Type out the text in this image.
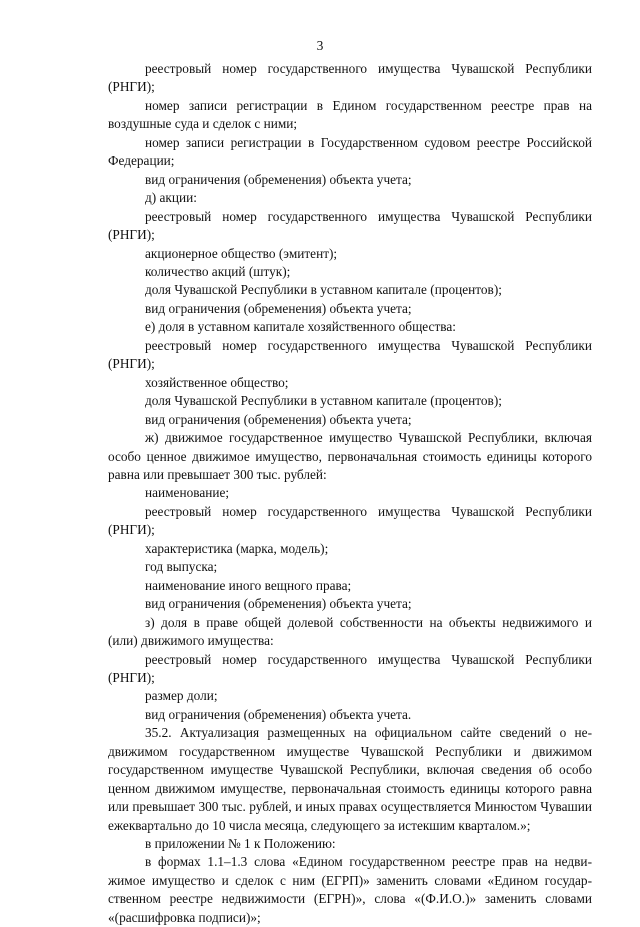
3

реестровый номер государственного имущества Чувашской Республики (РНГИ);

номер записи регистрации в Едином государственном реестре прав на воздушные суда и сделок с ними;

номер записи регистрации в Государственном судовом реестре Российской Федерации;

вид ограничения (обременения) объекта учета;

д) акции:

реестровый номер государственного имущества Чувашской Республики (РНГИ);

акционерное общество (эмитент);

количество акций (штук);

доля Чувашской Республики в уставном капитале (процентов);

вид ограничения (обременения) объекта учета;

е) доля в уставном капитале хозяйственного общества:

реестровый номер государственного имущества Чувашской Республики (РНГИ);

хозяйственное общество;

доля Чувашской Республики в уставном капитале (процентов);

вид ограничения (обременения) объекта учета;

ж) движимое государственное имущество Чувашской Республики, включая особо ценное движимое имущество, первоначальная стоимость единицы которого равна или превышает 300 тыс. рублей:

наименование;

реестровый номер государственного имущества Чувашской Республики (РНГИ);

характеристика (марка, модель);

год выпуска;

наименование иного вещного права;

вид ограничения (обременения) объекта учета;

з) доля в праве общей долевой собственности на объекты недвижимого и (или) движимого имущества:

реестровый номер государственного имущества Чувашской Республики (РНГИ);

размер доли;

вид ограничения (обременения) объекта учета.

35.2. Актуализация размещенных на официальном сайте сведений о недвижимом государственном имуществе Чувашской Республики и движимом государственном имуществе Чувашской Республики, включая сведения об особо ценном движимом имуществе, первоначальная стоимость единицы которого равна или превышает 300 тыс. рублей, и иных правах осуществляется Минюстом Чувашии ежеквартально до 10 числа месяца, следующего за истекшим кварталом.»;

в приложении № 1 к Положению:

в формах 1.1–1.3 слова «Едином государственном реестре прав на недвижимое имущество и сделок с ним (ЕГРП)» заменить словами «Едином государственном реестре недвижимости (ЕГРН)», слова «(Ф.И.О.)» заменить словами «(расшифровка подписи)»;
